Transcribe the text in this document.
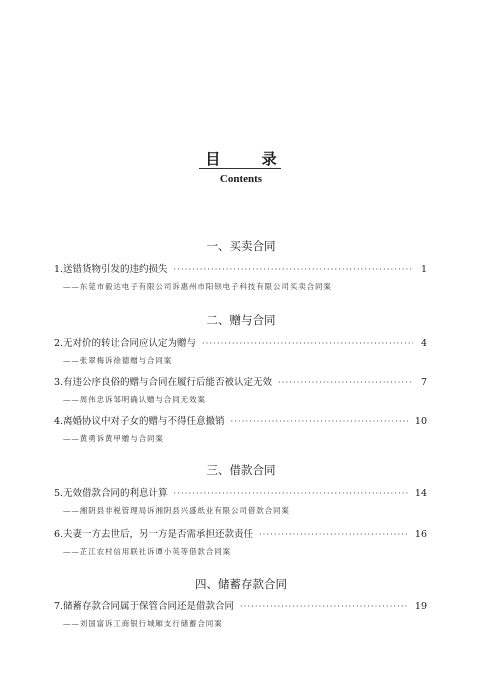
目 录
Contents
一、买卖合同
1. 送错货物引发的违约损失 ·····	1
——东莞市毅达电子有限公司诉惠州市阳钡电子科技有限公司买卖合同案
二、赠与合同
2. 无对价的转让合同应认定为赠与 ·····	4
——张翠梅诉徐德赠与合同案
3. 有违公序良俗的赠与合同在履行后能否被认定无效 ·····	7
——周伟忠诉邹明确认赠与合同无效案
4. 离婚协议中对子女的赠与不得任意撤销 ·····	10
——黄勇诉黄甲赠与合同案
三、借款合同
5. 无效借款合同的利息计算 ·····	14
——湘阴县非税管理局诉湘阴县兴盛纸业有限公司借款合同案
6. 夫妻一方去世后，另一方是否需承担还款责任 ·····	16
——芷江农村信用联社诉谭小英等借款合同案
四、储蓄存款合同
7. 储蓄存款合同属于保管合同还是借款合同 ·····	19
——刘国富诉工商银行城厢支行储蓄合同案
